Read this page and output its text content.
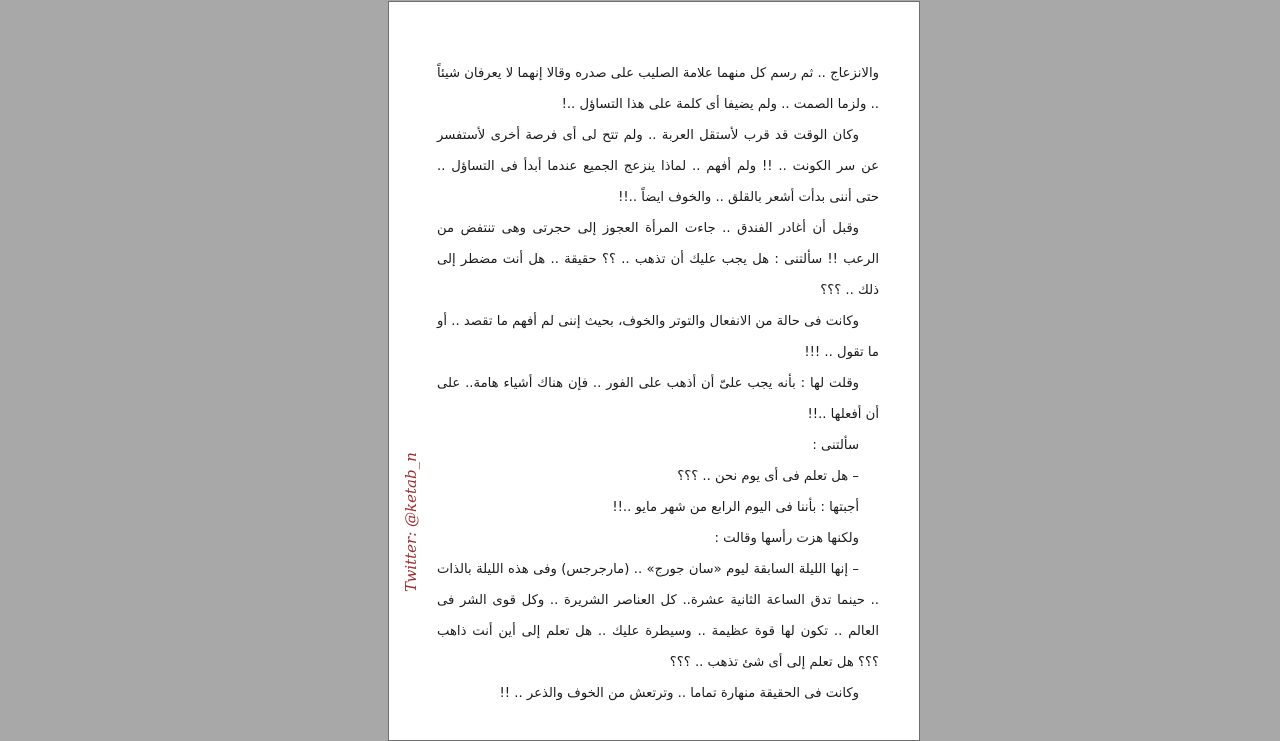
والانزعاج .. ثم رسم كل منهما علامة الصليب على صدره وقالا إنهما لا يعرفان شيئاً .. ولزما الصمت .. ولم يضيفا أى كلمة على هذا التساؤل ..!

وكان الوقت قد قرب لأستقل العربة .. ولم تتح لى أى فرصة أخرى لأستفسر عن سر الكونت .. !! ولم أفهم .. لماذا ينزعج الجميع عندما أبدأ فى التساؤل .. حتى أننى بدأت أشعر بالقلق .. والخوف ايضاً ..!!

وقبل أن أغادر الفندق .. جاءت المرأة العجوز إلى حجرتى وهى تنتفض من الرعب !! سألتنى : هل يجب عليك أن تذهب .. ؟؟ حقيقة .. هل أنت مضطر إلى ذلك .. ؟؟؟

وكانت فى حالة من الانفعال والتوتر والخوف، بحيث إننى لم أفهم ما تقصد .. أو ما تقول .. !!!

وقلت لها : بأنه يجب علىّ أن أذهب على الفور .. فإن هناك أشياء هامة.. على أن أفعلها ..!!

سألتنى :

– هل تعلم فى أى يوم نحن .. ؟؟؟

أجبتها : بأننا فى اليوم الرابع من شهر مايو ..!!

ولكنها هزت رأسها وقالت :

– إنها الليلة السابقة ليوم «سان جورج» .. (مارجرجس) وفى هذه الليلة بالذات .. حينما تدق الساعة الثانية عشرة.. كل العناصر الشريرة .. وكل قوى الشر فى العالم .. تكون لها قوة عظيمة .. وسيطرة عليك .. هل تعلم إلى أين أنت ذاهب ؟؟؟ هل تعلم إلى أى شئ تذهب .. ؟؟؟

وكانت فى الحقيقة منهارة تماما .. وترتعش من الخوف والذعر .. !!

Twitter: @ketab_n
